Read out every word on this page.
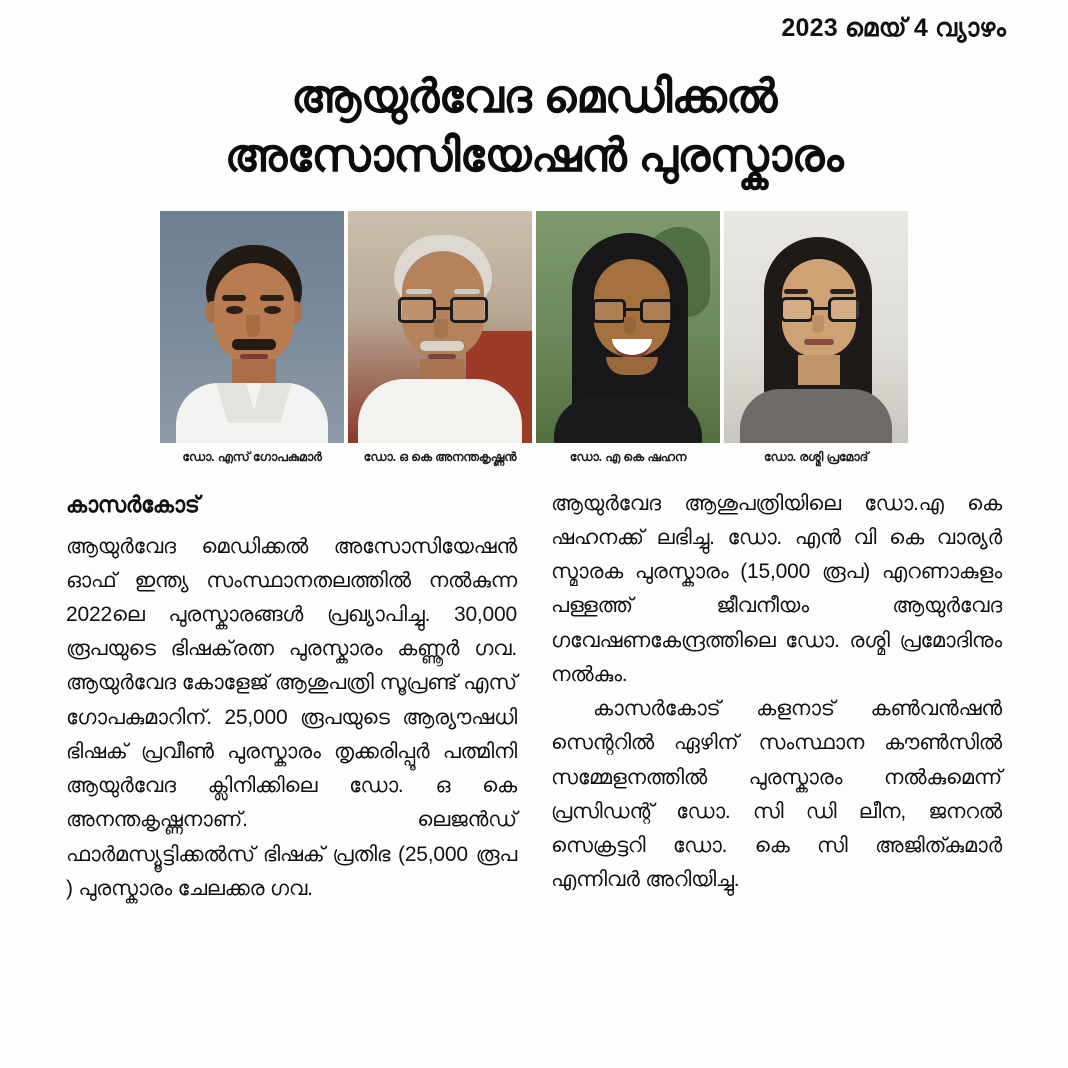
2023 മെയ് 4 വ്യാഴം
ആയുർവേദ മെഡിക്കൽ
അസോസിയേഷൻ പുരസ്കാരം
ഡോ. എസ് ഗോപകുമാർ	ഡോ. ഒ കെ അനന്തകൃഷ്ണൻ	ഡോ. എ കെ ഷഹന	ഡോ. രശ്മി പ്രമോദ്
കാസർകോട്
ആയുർവേദ മെഡിക്കൽ അസോസിയേഷൻ ഓഫ് ഇന്ത്യ സംസ്ഥാനതലത്തിൽ നൽകുന്ന 2022ലെ പുരസ്കാരങ്ങൾ പ്രഖ്യാപിച്ചു. 30,000 രൂപയുടെ ഭിഷക്‌രത്ന പുരസ്കാരം കണ്ണൂർ ഗവ. ആയുർവേദ കോളേജ് ആശുപത്രി സൂപ്രണ്ട് എസ് ഗോപകുമാറിന്. 25,000 രൂപയുടെ ആര്യൗഷധി ഭിഷക് പ്രവീൺ പുരസ്കാരം തൃക്കരിപ്പൂർ പത്മിനി ആയുർവേദ ക്ലിനിക്കിലെ ഡോ. ഒ കെ അനന്തകൃഷ്ണനാണ്. ലെജൻഡ് ഫാർമസ്യൂട്ടിക്കൽസ് ഭിഷക് പ്രതിഭ (25,000 രൂപ ) പുരസ്കാരം ചേലക്കര ഗവ.
ആയുർവേദ ആശുപത്രിയിലെ ഡോ.എ കെ ഷഹനക്ക് ലഭിച്ചു. ഡോ. എൻ വി കെ വാര്യർ സ്മാരക പുരസ്കാരം (15,000 രൂപ) എറണാകുളം പള്ളത്ത് ജീവനീയം ആയുർവേദ ഗവേഷണകേന്ദ്രത്തിലെ ഡോ. രശ്മി പ്രമോദിനും നൽകും.
കാസർകോട് കളനാട് കൺവൻഷൻ സെന്ററിൽ ഏഴിന് സംസ്ഥാന കൗൺസിൽ സമ്മേളനത്തിൽ പുരസ്കാരം നൽകുമെന്ന് പ്രസിഡന്റ് ഡോ. സി ഡി ലീന, ജനറൽ സെക്രട്ടറി ഡോ. കെ സി അജിത്കുമാർ എന്നിവർ അറിയിച്ചു.
